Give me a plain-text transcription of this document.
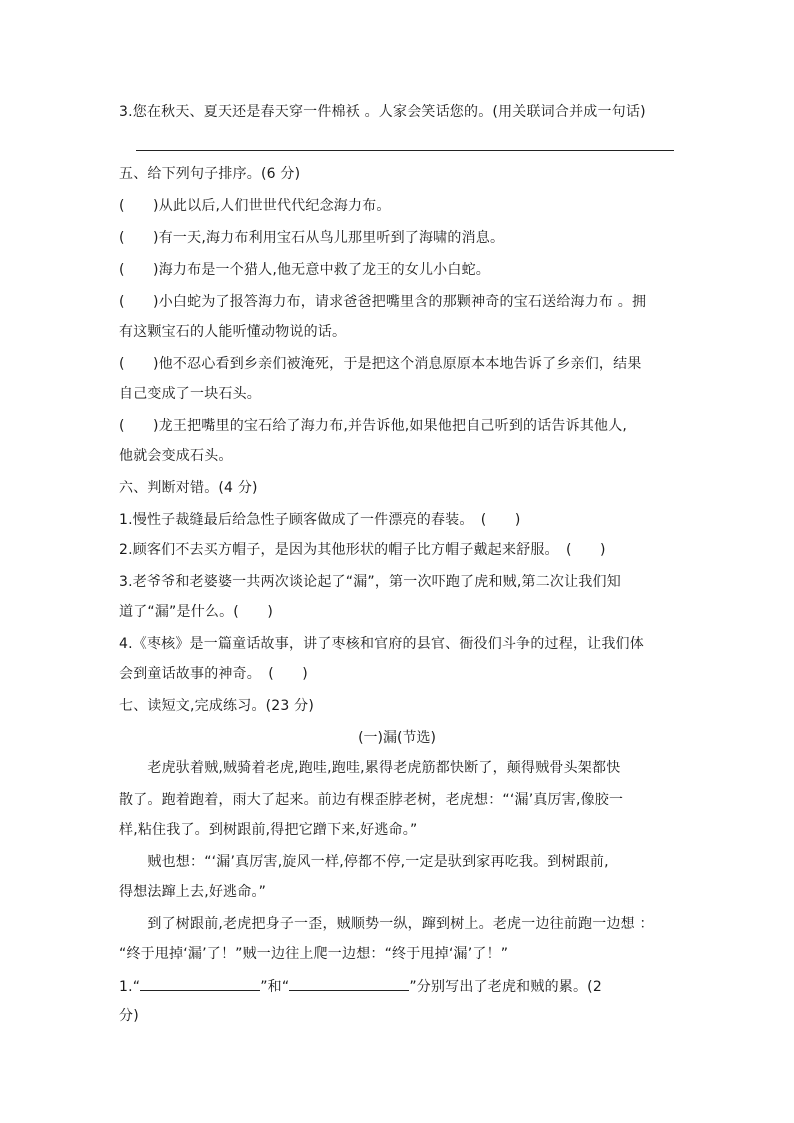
3.您在秋天、夏天还是春天穿一件棉袄 。人家会笑话您的。(用关联词合并成一句话)
五、给下列句子排序。(6 分)
(　　)从此以后,人们世世代代纪念海力布。
(　　)有一天,海力布利用宝石从鸟儿那里听到了海啸的消息。
(　　)海力布是一个猎人,他无意中救了龙王的女儿小白蛇。
(　　)小白蛇为了报答海力布，请求爸爸把嘴里含的那颗神奇的宝石送给海力布 。拥
有这颗宝石的人能听懂动物说的话。
(　　)他不忍心看到乡亲们被淹死，于是把这个消息原原本本地告诉了乡亲们，结果
自己变成了一块石头。
(　　)龙王把嘴里的宝石给了海力布,并告诉他,如果他把自己听到的话告诉其他人,
他就会变成石头。
六、判断对错。(4 分)
1.慢性子裁缝最后给急性子顾客做成了一件漂亮的春装。　(　　)
2.顾客们不去买方帽子，是因为其他形状的帽子比方帽子戴起来舒服。　(　　)
3.老爷爷和老婆婆一共两次谈论起了“漏”，第一次吓跑了虎和贼,第二次让我们知
道了“漏”是什么。(　　)
4.《枣核》是一篇童话故事，讲了枣核和官府的县官、衙役们斗争的过程，让我们体
会到童话故事的神奇。　(　　)
七、读短文,完成练习。(23 分)
(一)漏(节选)
　　老虎驮着贼,贼骑着老虎,跑哇,跑哇,累得老虎筋都快断了，颠得贼骨头架都快
散了。跑着跑着，雨大了起来。前边有棵歪脖老树，老虎想：“‘漏’真厉害,像胶一
样,粘住我了。到树跟前,得把它蹭下来,好逃命。”
　　贼也想：“‘漏’真厉害,旋风一样,停都不停,一定是驮到家再吃我。到树跟前,
得想法蹿上去,好逃命。”
　　到了树跟前,老虎把身子一歪，贼顺势一纵，蹿到树上。老虎一边往前跑一边想 ：
“终于甩掉‘漏’了！”贼一边往上爬一边想：“终于甩掉‘漏’了！”
1.“	”和“	”分别写出了老虎和贼的累。(2
分)
